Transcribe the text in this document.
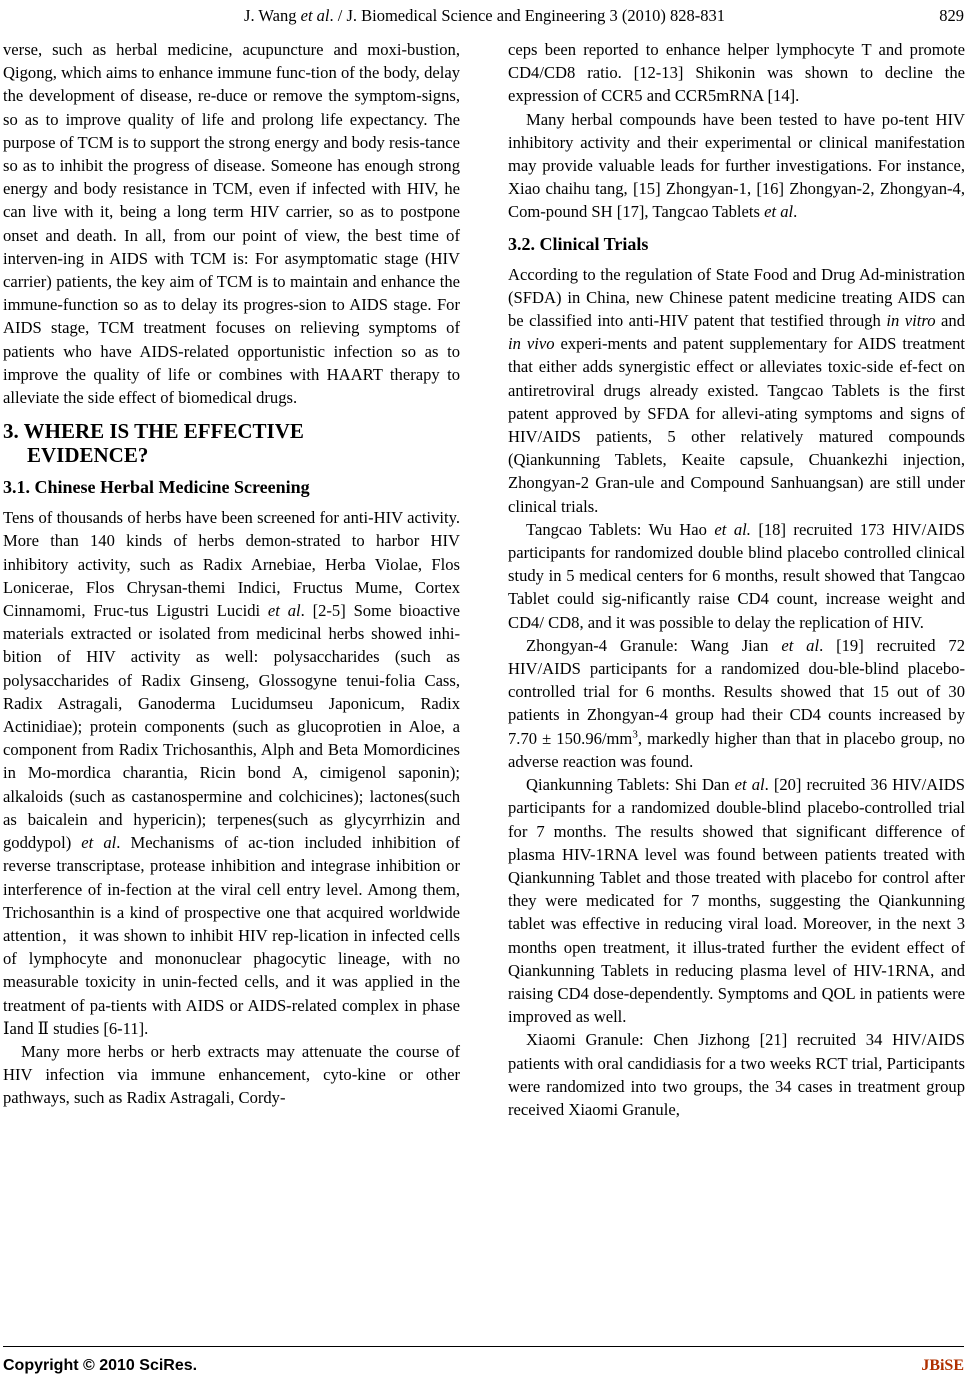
J. Wang et al. / J. Biomedical Science and Engineering 3 (2010) 828-831	829

verse, such as herbal medicine, acupuncture and moxi-bustion, Qigong, which aims to enhance immune func-tion of the body, delay the development of disease, re-duce or remove the symptom-signs, so as to improve quality of life and prolong life expectancy. The purpose of TCM is to support the strong energy and body resis-tance so as to inhibit the progress of disease. Someone has enough strong energy and body resistance in TCM, even if infected with HIV, he can live with it, being a long term HIV carrier, so as to postpone onset and death. In all, from our point of view, the best time of interven-ing in AIDS with TCM is: For asymptomatic stage (HIV carrier) patients, the key aim of TCM is to maintain and enhance the immune-function so as to delay its progres-sion to AIDS stage. For AIDS stage, TCM treatment focuses on relieving symptoms of patients who have AIDS-related opportunistic infection so as to improve the quality of life or combines with HAART therapy to alleviate the side effect of biomedical drugs.

3. WHERE IS THE EFFECTIVE
EVIDENCE?
3.1. Chinese Herbal Medicine Screening

Tens of thousands of herbs have been screened for anti-HIV activity. More than 140 kinds of herbs demon-strated to harbor HIV inhibitory activity, such as Radix Arnebiae, Herba Violae, Flos Lonicerae, Flos Chrysan-themi Indici, Fructus Mume, Cortex Cinnamomi, Fruc-tus Ligustri Lucidi et al. [2-5] Some bioactive materials extracted or isolated from medicinal herbs showed inhi-bition of HIV activity as well: polysaccharides (such as polysaccharides of Radix Ginseng, Glossogyne tenui-folia Cass, Radix Astragali, Ganoderma Lucidumseu Japonicum, Radix Actinidiae); protein components (such as glucoprotien in Aloe, a component from Radix Trichosanthis, Alph and Beta Momordicines in Mo-mordica charantia, Ricin bond A, cimigenol saponin); alkaloids (such as castanospermine and colchicines); lactones(such as baicalein and hypericin); terpenes(such as glycyrrhizin and goddypol) et al. Mechanisms of ac-tion included inhibition of reverse transcriptase, protease inhibition and integrase inhibition or interference of in-fection at the viral cell entry level. Among them, Trichosanthin is a kind of prospective one that acquired worldwide attention，it was shown to inhibit HIV rep-lication in infected cells of lymphocyte and mononuclear phagocytic lineage, with no measurable toxicity in unin-fected cells, and it was applied in the treatment of pa-tients with AIDS or AIDS-related complex in phase Ⅰand Ⅱ studies [6-11].

Many more herbs or herb extracts may attenuate the course of HIV infection via immune enhancement, cyto-kine or other pathways, such as Radix Astragali, Cordy-

ceps been reported to enhance helper lymphocyte T and promote CD4/CD8 ratio. [12-13] Shikonin was shown to decline the expression of CCR5 and CCR5mRNA [14].

Many herbal compounds have been tested to have po-tent HIV inhibitory activity and their experimental or clinical manifestation may provide valuable leads for further investigations. For instance, Xiao chaihu tang, [15] Zhongyan-1, [16] Zhongyan-2, Zhongyan-4, Com-pound SH [17], Tangcao Tablets et al.

3.2. Clinical Trials

According to the regulation of State Food and Drug Ad-ministration (SFDA) in China, new Chinese patent medicine treating AIDS can be classified into anti-HIV patent that testified through in vitro and in vivo experi-ments and patent supplementary for AIDS treatment that either adds synergistic effect or alleviates toxic-side ef-fect on antiretroviral drugs already existed. Tangcao Tablets is the first patent approved by SFDA for allevi-ating symptoms and signs of HIV/AIDS patients, 5 other relatively matured compounds (Qiankunning Tablets, Keaite capsule, Chuankezhi injection, Zhongyan-2 Gran-ule and Compound Sanhuangsan) are still under clinical trials.

Tangcao Tablets: Wu Hao et al. [18] recruited 173 HIV/AIDS participants for randomized double blind placebo controlled clinical study in 5 medical centers for 6 months, result showed that Tangcao Tablet could sig-nificantly raise CD4 count, increase weight and CD4/ CD8, and it was possible to delay the replication of HIV.

Zhongyan-4 Granule: Wang Jian et al. [19] recruited 72 HIV/AIDS participants for a randomized dou-ble-blind placebo-controlled trial for 6 months. Results showed that 15 out of 30 patients in Zhongyan-4 group had their CD4 counts increased by $7.70 \pm 150.96/mm^3$, markedly higher than that in placebo group, no adverse reaction was found.

Qiankunning Tablets: Shi Dan et al. [20] recruited 36 HIV/AIDS participants for a randomized double-blind placebo-controlled trial for 7 months. The results showed that significant difference of plasma HIV-1RNA level was found between patients treated with Qiankunning Tablet and those treated with placebo for control after they were medicated for 7 months, suggesting the Qiankunning tablet was effective in reducing viral load. Moreover, in the next 3 months open treatment, it illus-trated further the evident effect of Qiankunning Tablets in reducing plasma level of HIV-1RNA, and raising CD4 dose-dependently. Symptoms and QOL in patients were improved as well.

Xiaomi Granule: Chen Jizhong [21] recruited 34 HIV/AIDS patients with oral candidiasis for a two weeks RCT trial, Participants were randomized into two groups, the 34 cases in treatment group received Xiaomi Granule,

Copyright © 2010 SciRes.	JBiSE
